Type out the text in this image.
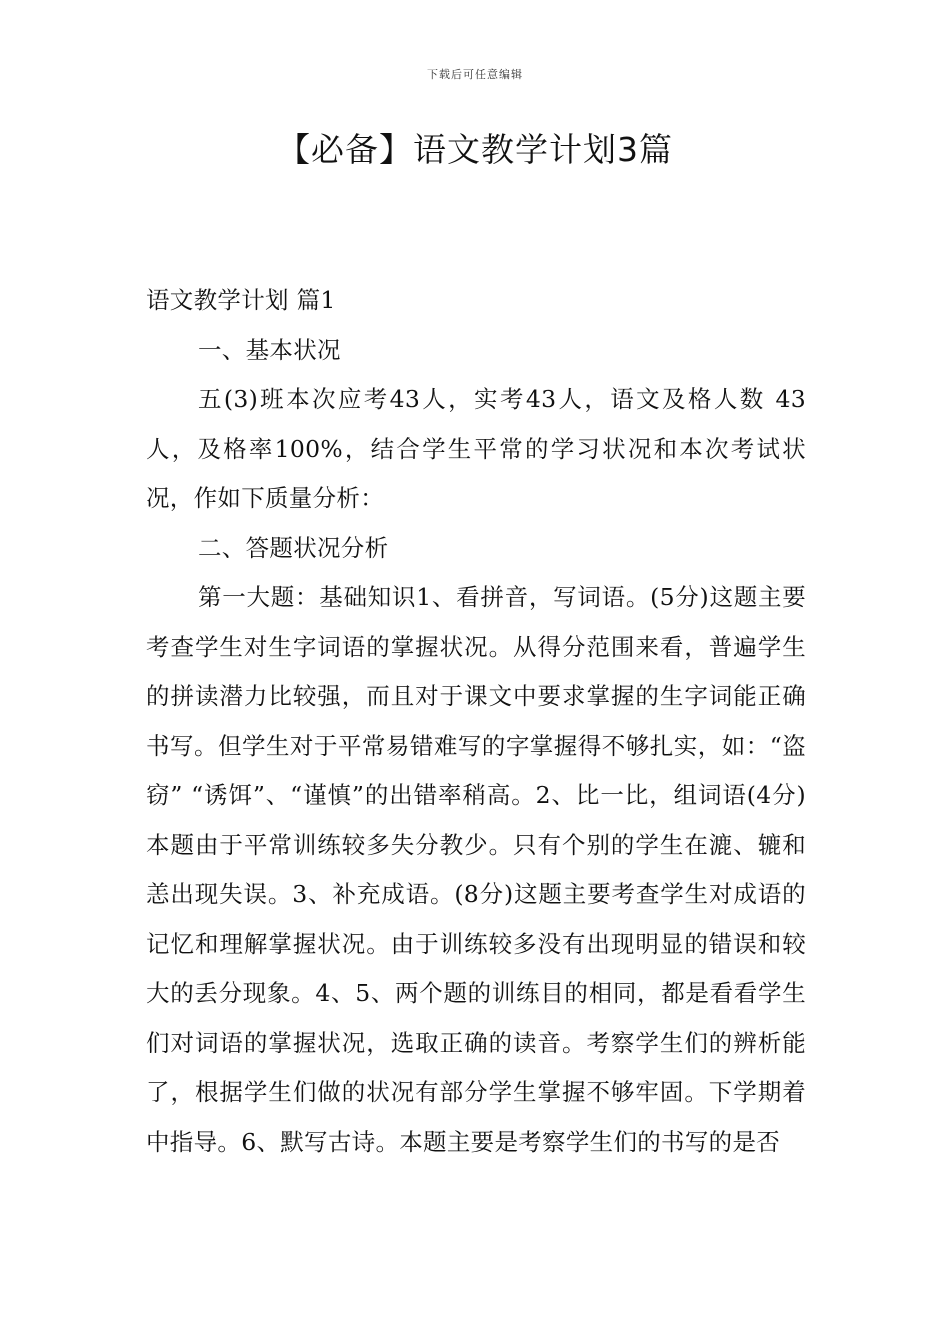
下载后可任意编辑
【必备】语文教学计划3篇

语文教学计划 篇1

一、基本状况

五(3)班本次应考43人，实考43人，语文及格人数 43人，及格率100%，结合学生平常的学习状况和本次考试状况，作如下质量分析：

二、答题状况分析

第一大题：基础知识1、看拼音，写词语。(5分)这题主要考查学生对生字词语的掌握状况。从得分范围来看，普遍学生的拼读潜力比较强，而且对于课文中要求掌握的生字词能正确书写。但学生对于平常易错难写的字掌握得不够扎实，如：“盗窃” “诱饵”、“谨慎”的出错率稍高。2、比一比，组词语(4分)本题由于平常训练较多失分教少。只有个别的学生在漉、辘和恙出现失误。3、补充成语。(8分)这题主要考查学生对成语的记忆和理解掌握状况。由于训练较多没有出现明显的错误和较大的丢分现象。4、5、两个题的训练目的相同，都是看看学生们对词语的掌握状况，选取正确的读音。考察学生们的辨析能了，根据学生们做的状况有部分学生掌握不够牢固。下学期着中指导。6、默写古诗。本题主要是考察学生们的书写的是否
